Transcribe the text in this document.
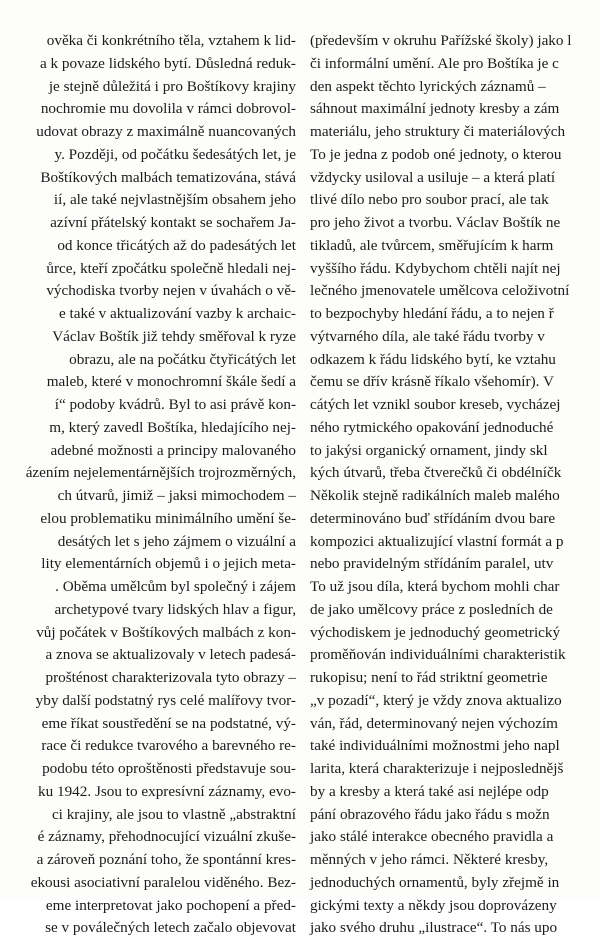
ověka či konkrétního těla, vztahem k lid-
a k povaze lidského bytí. Důsledná reduk-
je stejně důležitá i pro Boštíkovy krajiny
nochromie mu dovolila v rámci dobrovol-
udovat obrazy z maximálně nuancovaných
y. Později, od počátku šedesátých let, je
Boštíkových malbách tematizována, stává
ií, ale také nejvlastnějším obsahem jeho
azívní přátelský kontakt se sochařem Ja-
od konce třicátých až do padesátých let
ůrce, kteří zpočátku společně hledali nej-
východiska tvorby nejen v úvahách o vě-
e také v aktualizování vazby k archaic-
Václav Boštík již tehdy směřoval k ryze
obrazu, ale na počátku čtyřicátých let
maleb, které v monochromní škále šedí a
í“ podoby kvádrů. Byl to asi právě kon-
m, který zavedl Boštíka, hledajícího nej-
adebné možnosti a principy malovaného
ázením nejelementárnějších trojrozměrných,
ch útvarů, jimiž – jaksi mimochodem –
elou problematiku minimálního umění še-
desátých let s jeho zájmem o vizuální a
lity elementárních objemů i o jejich meta-
. Oběma umělcům byl společný i zájem
archetypové tvary lidských hlav a figur,
vůj počátek v Boštíkových malbách z kon-
a znova se aktualizovaly v letech padesá-
prošténost charakterizovala tyto obrazy –
yby další podstatný rys celé malířovy tvor-
eme říkat soustředění se na podstatné, vý-
race či redukce tvarového a barevného re-
podobu této oproštěnosti představuje sou-
ku 1942. Jsou to expresívní záznamy, evo-
ci krajiny, ale jsou to vlastně „abstraktní
é záznamy, přehodnocující vizuální zkuše-
a zároveň poznání toho, že spontánní kres-
ekousi asociativní paralelou viděného. Bez-
eme interpretovat jako pochopení a před-
se v poválečných letech začalo objevovat
(především v okruhu Pařížské školy) jako l
či informální umění. Ale pro Boštíka je c
den aspekt těchto lyrických záznamů –
sáhnout maximální jednoty kresby a zám
materiálu, jeho struktury či materiálových
To je jedna z podob oné jednoty, o kterou
vždycky usiloval a usiluje – a která platí
tlivé dílo nebo pro soubor prací, ale tak
pro jeho život a tvorbu. Václav Boštík ne
tikladů, ale tvůrcem, směřujícím k harm
vyššího řádu. Kdybychom chtěli najít nej
lečného jmenovatele umělcova celoživotní
to bezpochyby hledání řádu, a to nejen ř
výtvarného díla, ale také řádu tvorby v
odkazem k řádu lidského bytí, ke vztahu
čemu se dřív krásně říkalo všehomír). V
cátých let vznikl soubor kreseb, vycházej
ného rytmického opakování jednoduché
to jakýsi organický ornament, jindy skl
kých útvarů, třeba čtverečků či obdélníčk
Několik stejně radikálních maleb malého
determinováno buď střídáním dvou bare
kompozici aktualizující vlastní formát a p
nebo pravidelným střídáním paralel, utv
To už jsou díla, která bychom mohli char
de jako umělcovy práce z posledních de
východiskem je jednoduchý geometrický
proměňován individuálními charakteristik
rukopisu; není to řád striktní geometrie
„v pozadí“, který je vždy znova aktualizo
ván, řád, determinovaný nejen výchozím
také individuálními možnostmi jeho napl
larita, která charakterizuje i nejposlednějš
by a kresby a která také asi nejlépe odp
pání obrazového řádu jako řádu s možn
jako stálé interakce obecného pravidla a
měnných v jeho rámci. Některé kresby,
jednoduchých ornamentů, byly zřejmě in
gickými texty a někdy jsou doprovázeny
jako svého druhu „ilustrace“. To nás upo
